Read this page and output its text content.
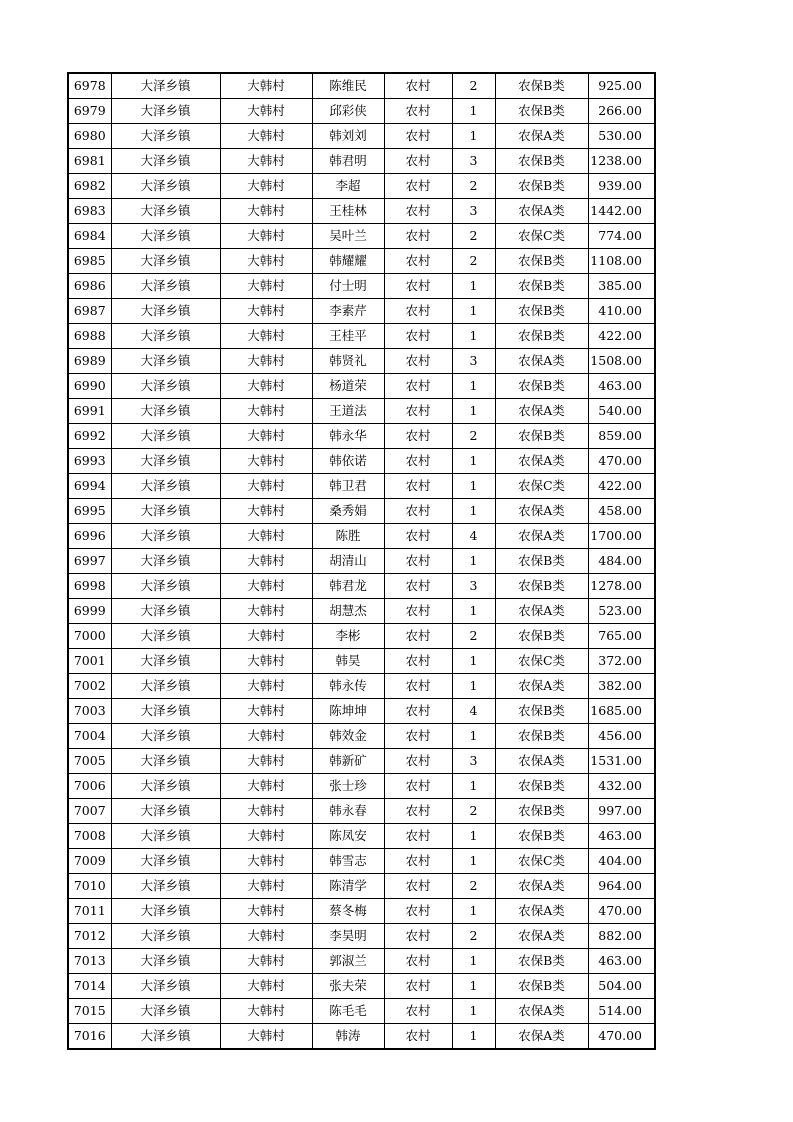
6978	大泽乡镇	大韩村	陈维民	农村	2	农保B类	925.00
6979	大泽乡镇	大韩村	邱彩侠	农村	1	农保B类	266.00
6980	大泽乡镇	大韩村	韩刘刘	农村	1	农保A类	530.00
6981	大泽乡镇	大韩村	韩君明	农村	3	农保B类	1238.00
6982	大泽乡镇	大韩村	李超	农村	2	农保B类	939.00
6983	大泽乡镇	大韩村	王桂林	农村	3	农保A类	1442.00
6984	大泽乡镇	大韩村	吴叶兰	农村	2	农保C类	774.00
6985	大泽乡镇	大韩村	韩耀耀	农村	2	农保B类	1108.00
6986	大泽乡镇	大韩村	付士明	农村	1	农保B类	385.00
6987	大泽乡镇	大韩村	李素芹	农村	1	农保B类	410.00
6988	大泽乡镇	大韩村	王桂平	农村	1	农保B类	422.00
6989	大泽乡镇	大韩村	韩贤礼	农村	3	农保A类	1508.00
6990	大泽乡镇	大韩村	杨道荣	农村	1	农保B类	463.00
6991	大泽乡镇	大韩村	王道法	农村	1	农保A类	540.00
6992	大泽乡镇	大韩村	韩永华	农村	2	农保B类	859.00
6993	大泽乡镇	大韩村	韩依诺	农村	1	农保A类	470.00
6994	大泽乡镇	大韩村	韩卫君	农村	1	农保C类	422.00
6995	大泽乡镇	大韩村	桑秀娟	农村	1	农保A类	458.00
6996	大泽乡镇	大韩村	陈胜	农村	4	农保A类	1700.00
6997	大泽乡镇	大韩村	胡清山	农村	1	农保B类	484.00
6998	大泽乡镇	大韩村	韩君龙	农村	3	农保B类	1278.00
6999	大泽乡镇	大韩村	胡慧杰	农村	1	农保A类	523.00
7000	大泽乡镇	大韩村	李彬	农村	2	农保B类	765.00
7001	大泽乡镇	大韩村	韩昊	农村	1	农保C类	372.00
7002	大泽乡镇	大韩村	韩永传	农村	1	农保A类	382.00
7003	大泽乡镇	大韩村	陈坤坤	农村	4	农保B类	1685.00
7004	大泽乡镇	大韩村	韩效金	农村	1	农保B类	456.00
7005	大泽乡镇	大韩村	韩新矿	农村	3	农保A类	1531.00
7006	大泽乡镇	大韩村	张士珍	农村	1	农保B类	432.00
7007	大泽乡镇	大韩村	韩永春	农村	2	农保B类	997.00
7008	大泽乡镇	大韩村	陈凤安	农村	1	农保B类	463.00
7009	大泽乡镇	大韩村	韩雪志	农村	1	农保C类	404.00
7010	大泽乡镇	大韩村	陈清学	农村	2	农保A类	964.00
7011	大泽乡镇	大韩村	蔡冬梅	农村	1	农保A类	470.00
7012	大泽乡镇	大韩村	李昊明	农村	2	农保A类	882.00
7013	大泽乡镇	大韩村	郭淑兰	农村	1	农保B类	463.00
7014	大泽乡镇	大韩村	张夫荣	农村	1	农保B类	504.00
7015	大泽乡镇	大韩村	陈毛毛	农村	1	农保A类	514.00
7016	大泽乡镇	大韩村	韩涛	农村	1	农保A类	470.00
